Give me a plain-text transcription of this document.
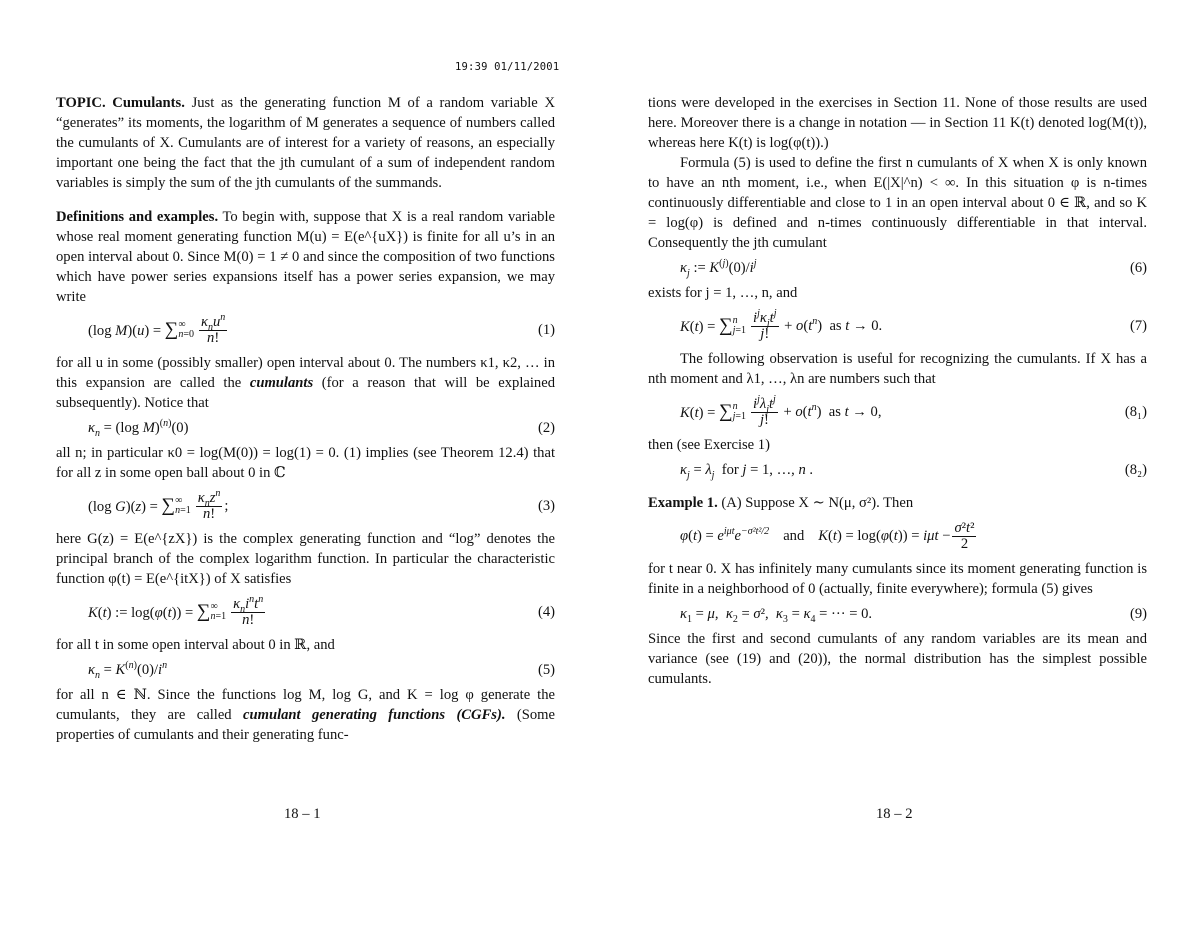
19:39 01/11/2001

TOPIC. Cumulants. Just as the generating function M of a random variable X “generates” its moments, the logarithm of M generates a sequence of numbers called the cumulants of X. Cumulants are of interest for a variety of reasons, an especially important one being the fact that the jth cumulant of a sum of independent random variables is simply the sum of the jth cumulants of the summands.

Definitions and examples. To begin with, suppose that X is a real random variable whose real moment generating function M(u) = E(e^{uX}) is finite for all u’s in an open interval about 0. Since M(0) = 1 ≠ 0 and since the composition of two functions which have power series expansions itself has a power series expansion, we may write

(log M)(u) = ∑ ∞
$n=0 \frac{\kappa_nu^n}{n!}$	(1)

for all u in some (possibly smaller) open interval about 0. The numbers κ1, κ2, … in this expansion are called the cumulants (for a reason that will be explained subsequently). Notice that

$\kappa_n = (\log$ M)$^{(n)}$(0)	(2)

all n; in particular κ0 = log(M(0)) = log(1) = 0. (1) implies (see Theorem 12.4) that for all z in some open ball about 0 in ℂ

(log G)(z) = ∑ ∞
$n=1 \frac{\kappa_nz^n}{n!}$ ;	(3)

here G(z) = E(e^{zX}) is the complex generating function and “log” denotes the principal branch of the complex logarithm function. In particular the characteristic function φ(t) = E(e^{itX}) of X satisfies

K(t) := log(φ(t)) = ∑ ∞
$n=1 \frac{\kappa_ni^nt^n}{n!}$	(4)

for all t in some open interval about 0 in ℝ, and

$\kappa_n = K^{(n)}(0)/i^n$	(5)

for all n ∈ ℕ. Since the functions log M, log G, and K = log φ generate the cumulants, they are called cumulant generating functions (CGFs). (Some properties of cumulants and their generating func-

tions were developed in the exercises in Section 11. None of those results are used here. Moreover there is a change in notation — in Section 11 K(t) denoted log(M(t)), whereas here K(t) is log(φ(t)).)

Formula (5) is used to define the first n cumulants of X when X is only known to have an nth moment, i.e., when E(|X|^n) < ∞. In this situation φ is n-times continuously differentiable and close to 1 in an open interval about 0 ∈ ℝ, and so K = log(φ) is defined and n-times continuously differentiable in that interval. Consequently the jth cumulant

$\kappa_j$ := $K^{(j)}(0)/i^j$	(6)

exists for j = 1, …, n, and

K(t) = ∑ n
$j=1 \frac{i^j\kappa_jt^j}{j!} + o(t^n)$  as t → 0.	(7)

The following observation is useful for recognizing the cumulants. If X has a nth moment and λ1, …, λn are numbers such that

K(t) = ∑ n
$j=1 \frac{i^j\lambda_jt^j}{j!} + o(t^n)$  as t → 0,	(8₁)

then (see Exercise 1)

$\kappa_j = \lambda_j$  for j = 1, …, n .	(8₂)

Example 1. (A) Suppose X ∼ N(μ, σ²). Then

$\varphi(t) = e^{i\mu t}e^{-\sigma^2t^2/2}$ and $K(t) = \log(\varphi(t)) = i\mu t - \frac{\text{σ²t²}}{2}$

for t near 0. X has infinitely many cumulants since its moment generating function is finite in a neighborhood of 0 (actually, finite everywhere); formula (5) gives

$\kappa_1 = \mu$,  $\kappa_2 = \sigma^2$,  $\kappa_3 = \kappa_4$ = ··· = 0.	(9)

Since the first and second cumulants of any random variables are its mean and variance (see (19) and (20)), the normal distribution has the simplest possible cumulants.

18 – 1	18 – 2
